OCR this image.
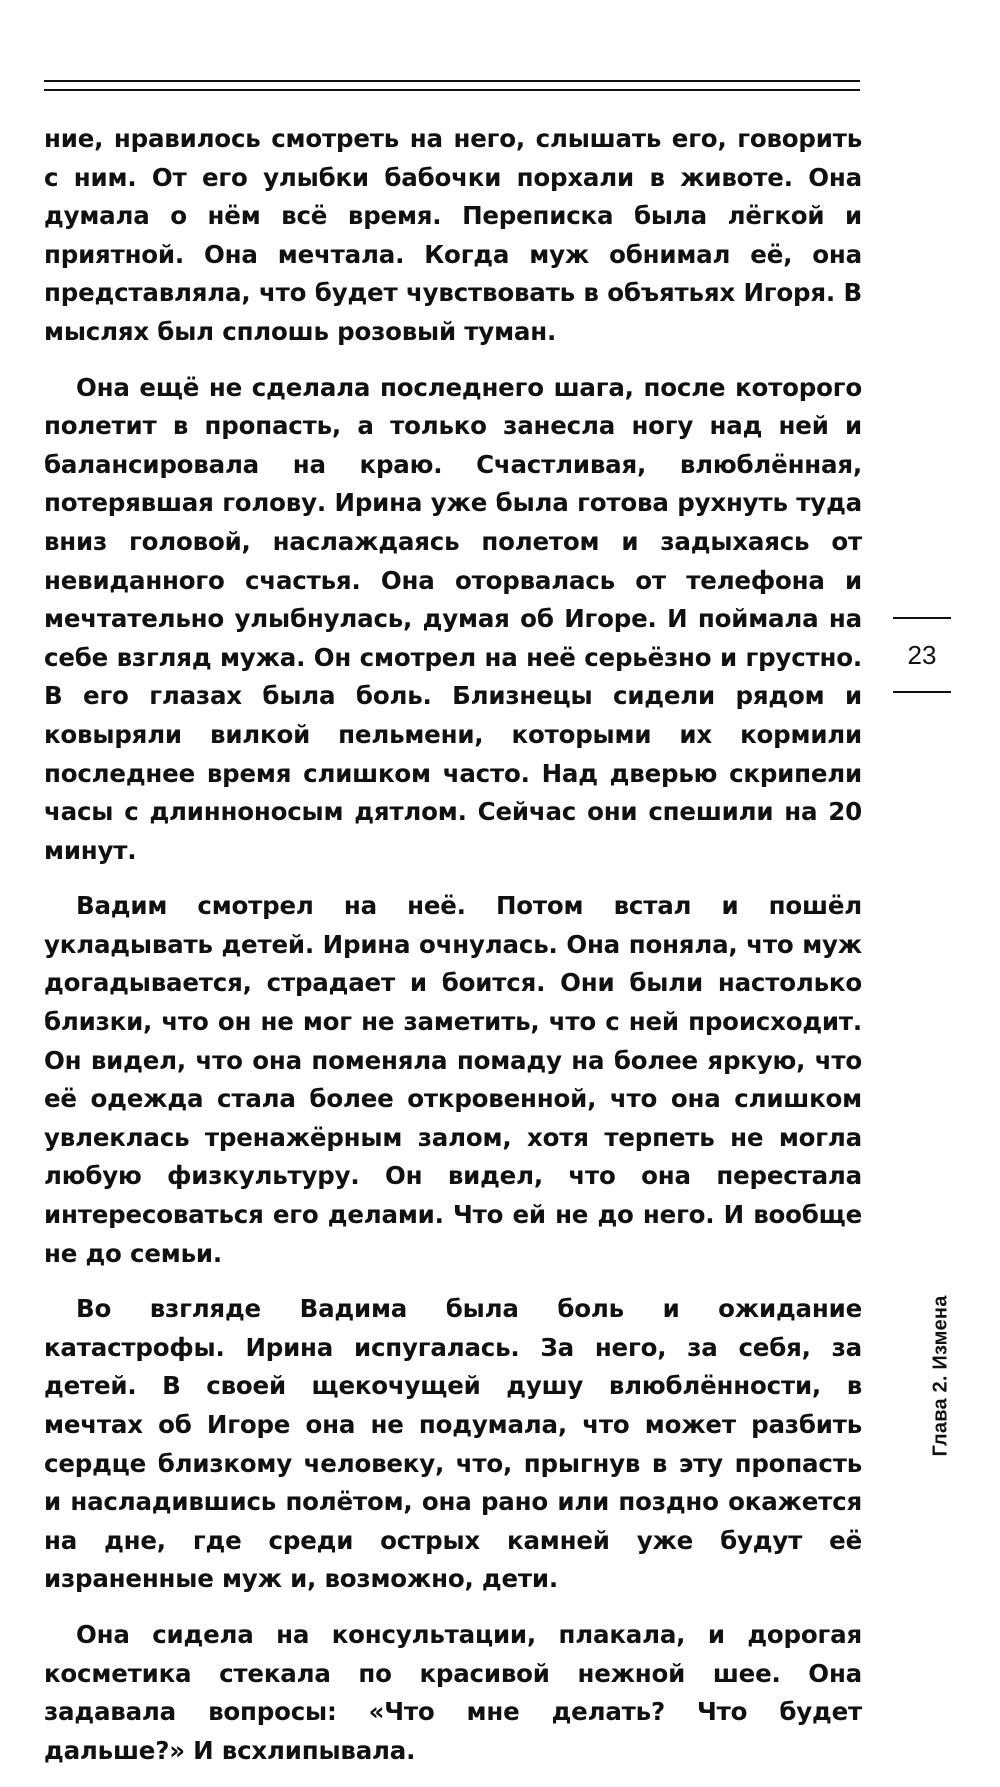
ние, нравилось смотреть на него, слышать его, говорить с ним. От его улыбки бабочки порхали в животе. Она думала о нём всё время. Переписка была лёгкой и приятной. Она мечтала. Когда муж обнимал её, она представляла, что будет чувствовать в объятьях Игоря. В мыслях был сплошь розовый туман.

Она ещё не сделала последнего шага, после которого полетит в пропасть, а только занесла ногу над ней и балансировала на краю. Счастливая, влюблённая, потерявшая голову. Ирина уже была готова рухнуть туда вниз головой, наслаждаясь полетом и задыхаясь от невиданного счастья. Она оторвалась от телефона и мечтательно улыбнулась, думая об Игоре. И поймала на себе взгляд мужа. Он смотрел на неё серьёзно и грустно. В его глазах была боль. Близнецы сидели рядом и ковыряли вилкой пельмени, которыми их кормили последнее время слишком часто. Над дверью скрипели часы с длинноносым дятлом. Сейчас они спешили на 20 минут.

Вадим смотрел на неё. Потом встал и пошёл укладывать детей. Ирина очнулась. Она поняла, что муж догадывается, страдает и боится. Они были настолько близки, что он не мог не заметить, что с ней происходит. Он видел, что она поменяла помаду на более яркую, что её одежда стала более откровенной, что она слишком увлеклась тренажёрным залом, хотя терпеть не могла любую физкультуру. Он видел, что она перестала интересоваться его делами. Что ей не до него. И вообще не до семьи.

Во взгляде Вадима была боль и ожидание катастрофы. Ирина испугалась. За него, за себя, за детей. В своей щекочущей душу влюблённости, в мечтах об Игоре она не подумала, что может разбить сердце близкому человеку, что, прыгнув в эту пропасть и насладившись полётом, она рано или поздно окажется на дне, где среди острых камней уже будут её израненные муж и, возможно, дети.

Она сидела на консультации, плакала, и дорогая косметика стекала по красивой нежной шее. Она задавала вопросы: «Что мне делать? Что будет дальше?» И всхлипывала.

23
Глава 2. Измена
